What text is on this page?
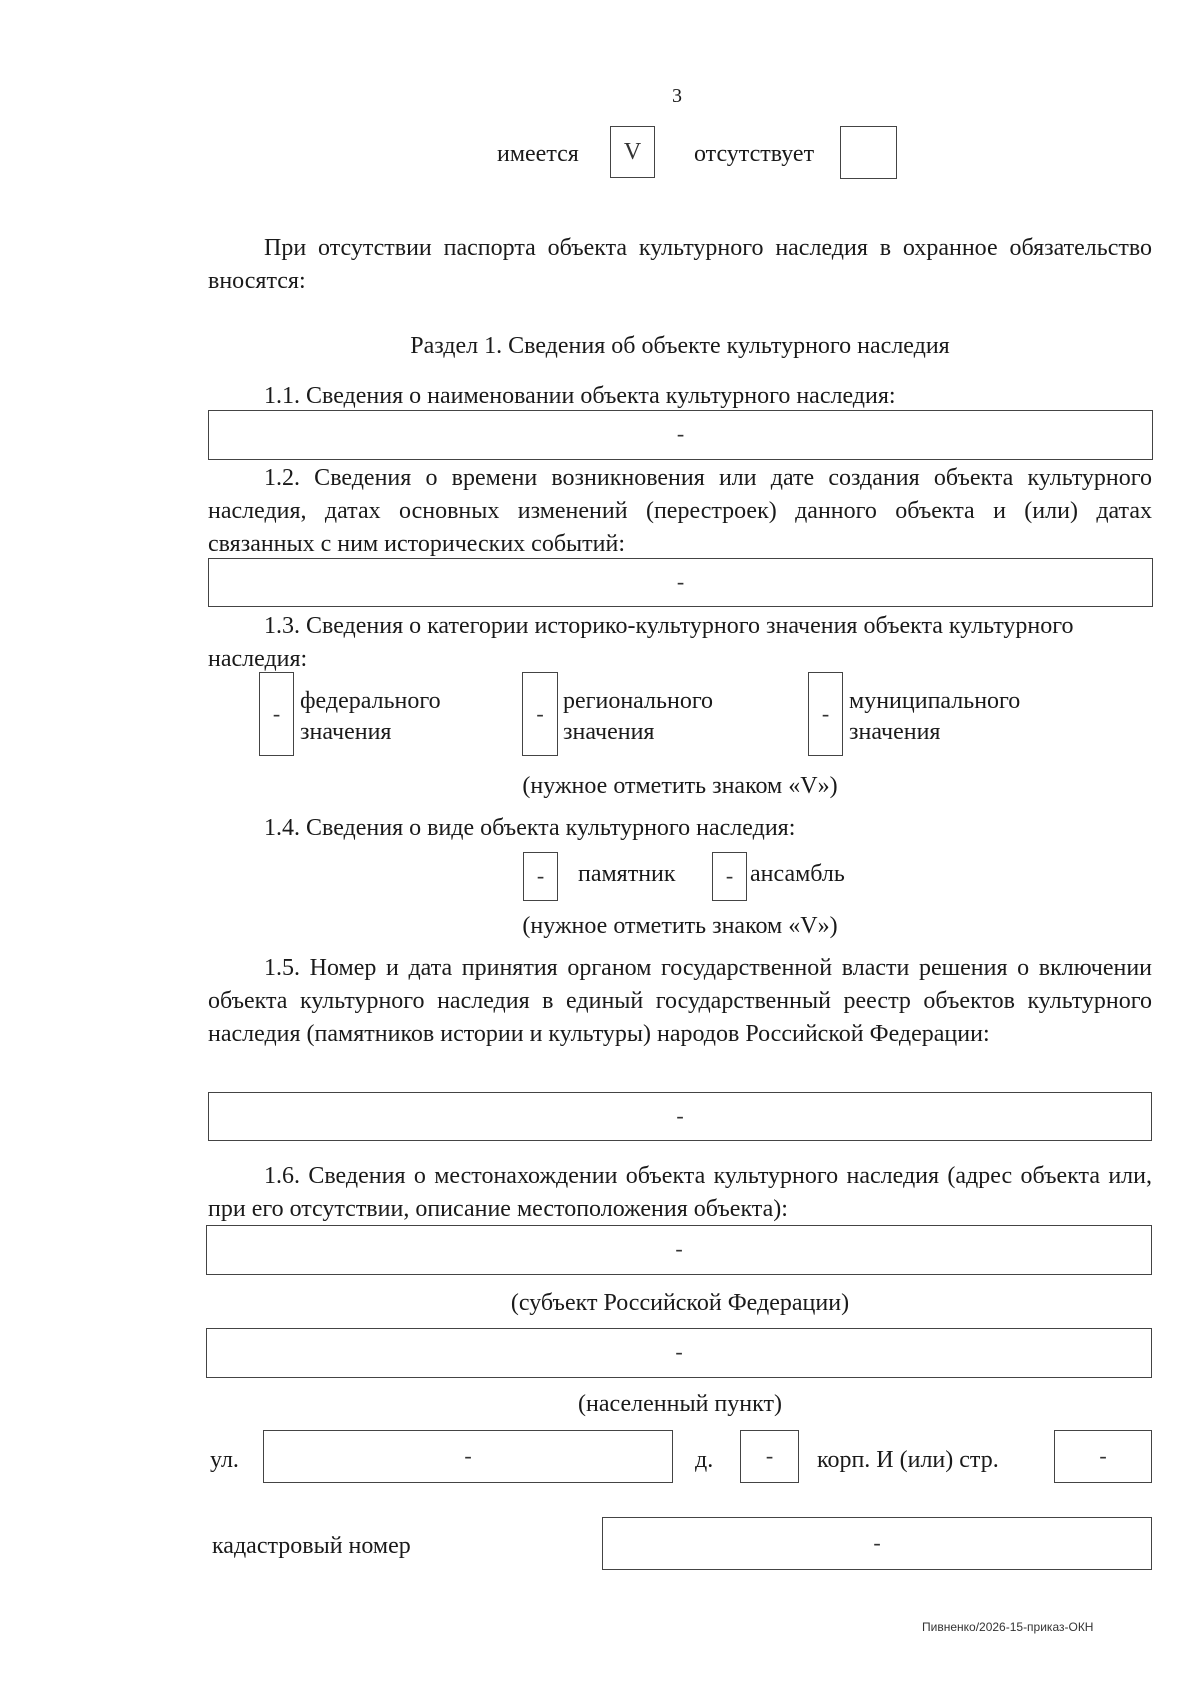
3
имеется	V	отсутствует
При отсутствии паспорта объекта культурного наследия в охранное обязательство вносятся:
Раздел 1. Сведения об объекте культурного наследия
1.1. Сведения о наименовании объекта культурного наследия:
-
1.2. Сведения о времени возникновения или дате создания объекта культурного наследия, датах основных изменений (перестроек) данного объекта и (или) датах связанных с ним исторических событий:
-
1.3. Сведения о категории историко-культурного значения объекта культурного наследия:
- федерального
значения
- регионального
значения
- муниципального
значения
(нужное отметить знаком «V»)
1.4. Сведения о виде объекта культурного наследия:
-	памятник	- ансамбль
(нужное отметить знаком «V»)
1.5. Номер и дата принятия органом государственной власти решения о включении объекта культурного наследия в единый государственный реестр объектов культурного наследия (памятников истории и культуры) народов Российской Федерации:
-
1.6. Сведения о местонахождении объекта культурного наследия (адрес объекта или, при его отсутствии, описание местоположения объекта):
-
(субъект Российской Федерации)
-
(населенный пункт)
ул.	-	д.	-	корп. И (или) стр.	-
кадастровый номер	-
Пивненко/2026-15-приказ-ОКН
